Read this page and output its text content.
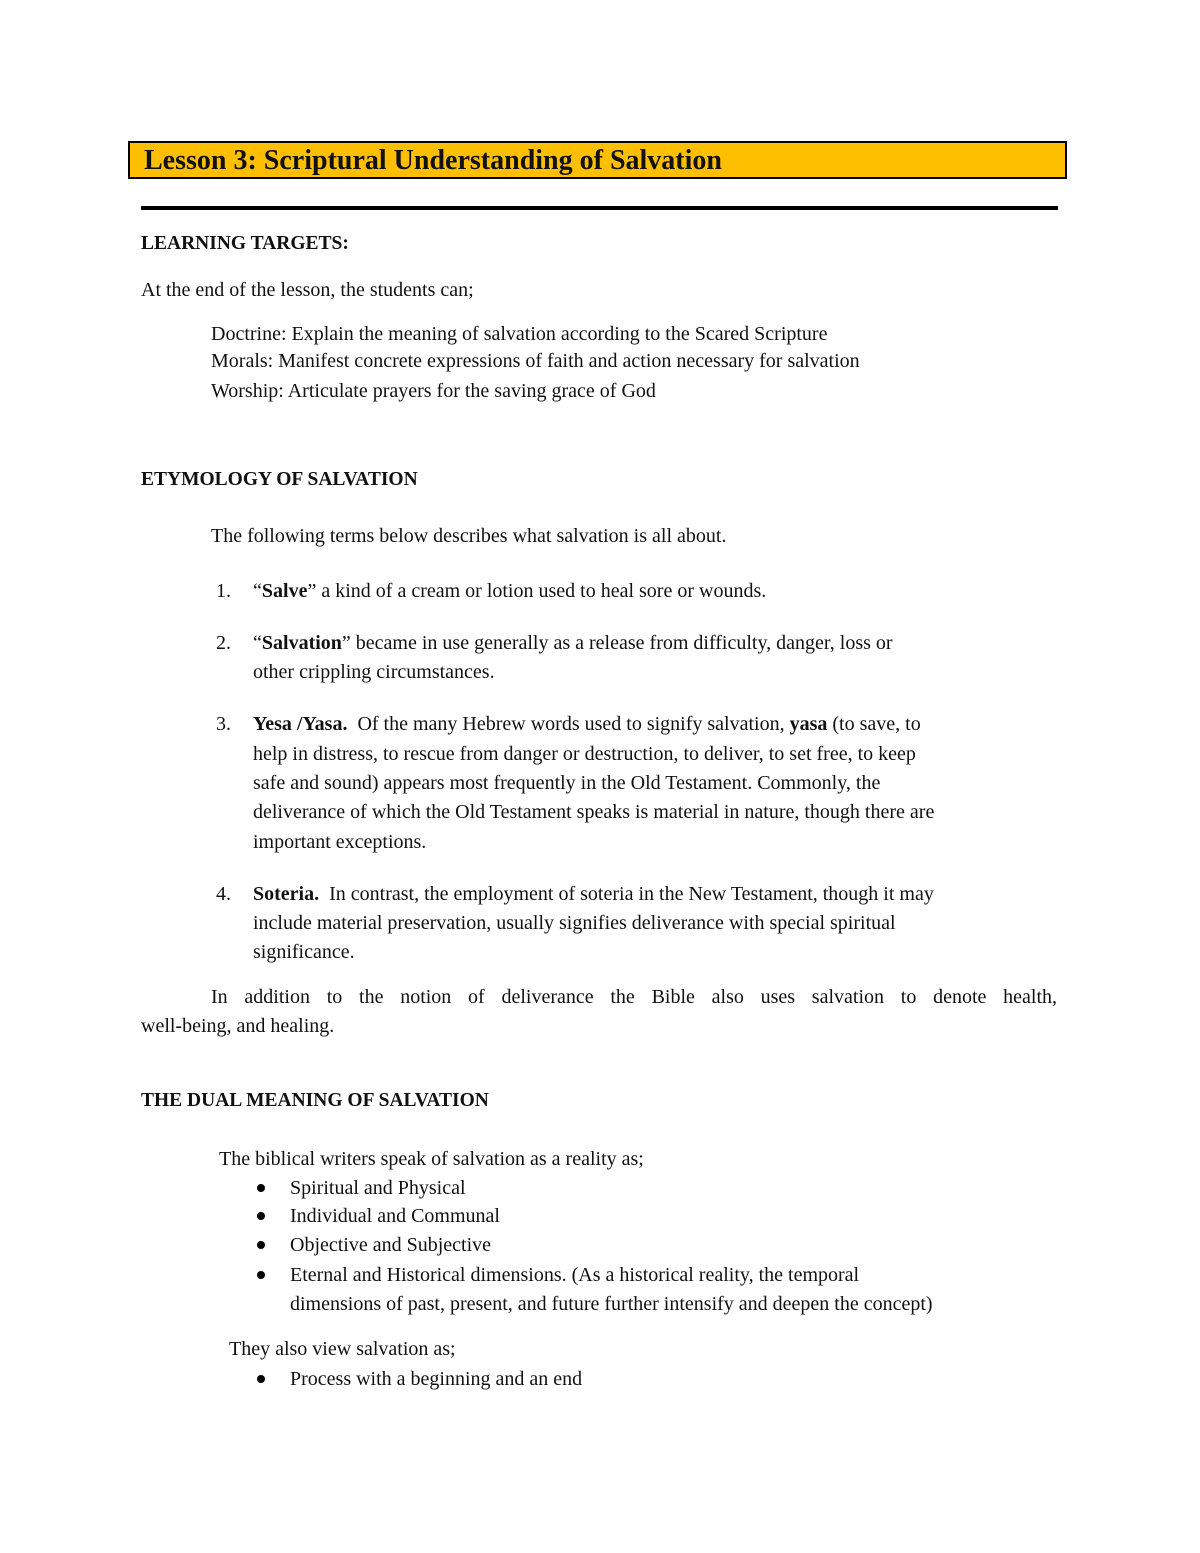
Lesson 3: Scriptural Understanding of Salvation
LEARNING TARGETS:
At the end of the lesson, the students can;
Doctrine: Explain the meaning of salvation according to the Scared Scripture
Morals: Manifest concrete expressions of faith and action necessary for salvation
Worship: Articulate prayers for the saving grace of God
ETYMOLOGY OF SALVATION
The following terms below describes what salvation is all about.
1. “Salve” a kind of a cream or lotion used to heal sore or wounds.
2. “Salvation” became in use generally as a release from difficulty, danger, loss or
other crippling circumstances.
3. Yesa /Yasa.  Of the many Hebrew words used to signify salvation, yasa (to save, to
help in distress, to rescue from danger or destruction, to deliver, to set free, to keep
safe and sound) appears most frequently in the Old Testament. Commonly, the
deliverance of which the Old Testament speaks is material in nature, though there are
important exceptions.
4. Soteria.  In contrast, the employment of soteria in the New Testament, though it may
include material preservation, usually signifies deliverance with special spiritual
significance.
In addition to the notion of deliverance the Bible also uses salvation to denote health,
well-being, and healing.
THE DUAL MEANING OF SALVATION
The biblical writers speak of salvation as a reality as;
Spiritual and Physical
Individual and Communal
Objective and Subjective
Eternal and Historical dimensions. (As a historical reality, the temporal
dimensions of past, present, and future further intensify and deepen the concept)
They also view salvation as;
Process with a beginning and an end
